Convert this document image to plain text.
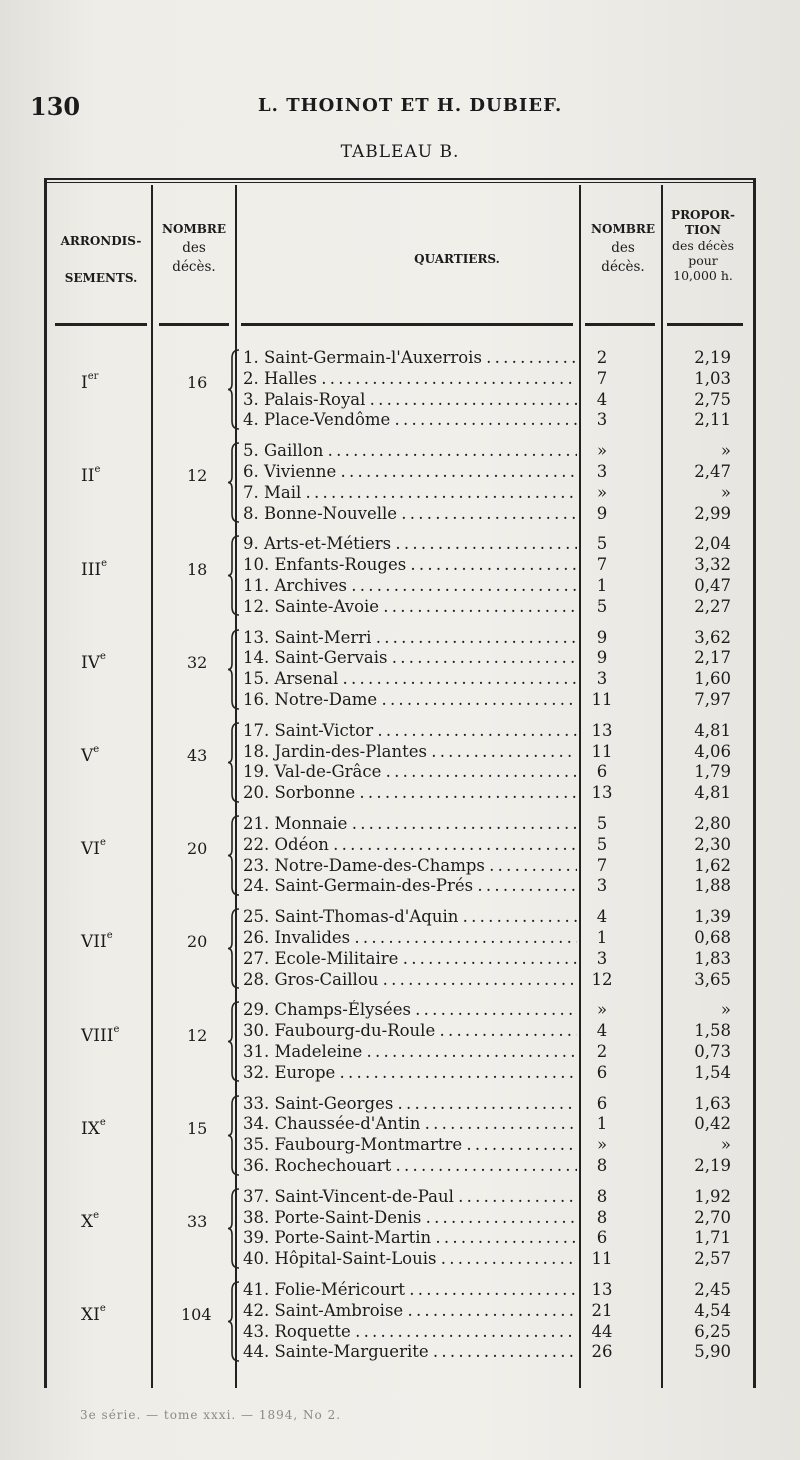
130	L. THOINOT ET H. DUBIEF.
TABLEAU B.
ARRONDIS-
SEMENTS.
NOMBRE
des
décès.	QUARTIERS.
NOMBRE
des
décès.
PROPOR-
TION
des décès
pour
10,000 h.
Ier	16
1. Saint-Germain-l'Auxerrois . . .	2	2,19
2. Halles . . .	7	1,03
3. Palais-Royal . . .	4	2,75
4. Place-Vendôme . . .	3	2,11
IIe	12
5. Gaillon . . .	»	»
6. Vivienne . . .	3	2,47
7. Mail . . .	»	»
8. Bonne-Nouvelle . . .	9	2,99
IIIe	18
9. Arts-et-Métiers . . .	5	2,04
10. Enfants-Rouges . . .	7	3,32
11. Archives . . .	1	0,47
12. Sainte-Avoie . . .	5	2,27
IVe	32
13. Saint-Merri . . .	9	3,62
14. Saint-Gervais . . .	9	2,17
15. Arsenal . . .	3	1,60
16. Notre-Dame . . .	11	7,97
Ve	43
17. Saint-Victor . . .	13	4,81
18. Jardin-des-Plantes . . .	11	4,06
19. Val-de-Grâce . . .	6	1,79
20. Sorbonne . . .	13	4,81
VIe	20
21. Monnaie . . .	5	2,80
22. Odéon . . .	5	2,30
23. Notre-Dame-des-Champs . . .	7	1,62
24. Saint-Germain-des-Prés . . .	3	1,88
VIIe	20
25. Saint-Thomas-d'Aquin . . .	4	1,39
26. Invalides . . .	1	0,68
27. Ecole-Militaire . . .	3	1,83
28. Gros-Caillou . . .	12	3,65
VIIIe	12
29. Champs-Élysées . . .	»	»
30. Faubourg-du-Roule . . .	4	1,58
31. Madeleine . . .	2	0,73
32. Europe . . .	6	1,54
IXe	15
33. Saint-Georges . . .	6	1,63
34. Chaussée-d'Antin . . .	1	0,42
35. Faubourg-Montmartre . . .	»	»
36. Rochechouart . . .	8	2,19
Xe	33
37. Saint-Vincent-de-Paul . . .	8	1,92
38. Porte-Saint-Denis . . .	8	2,70
39. Porte-Saint-Martin . . .	6	1,71
40. Hôpital-Saint-Louis . . .	11	2,57
XIe	104
41. Folie-Méricourt . . .	13	2,45
42. Saint-Ambroise . . .	21	4,54
43. Roquette . . .	44	6,25
44. Sainte-Marguerite . . .	26	5,90
3e série. — tome xxxi. — 1894, No 2.
